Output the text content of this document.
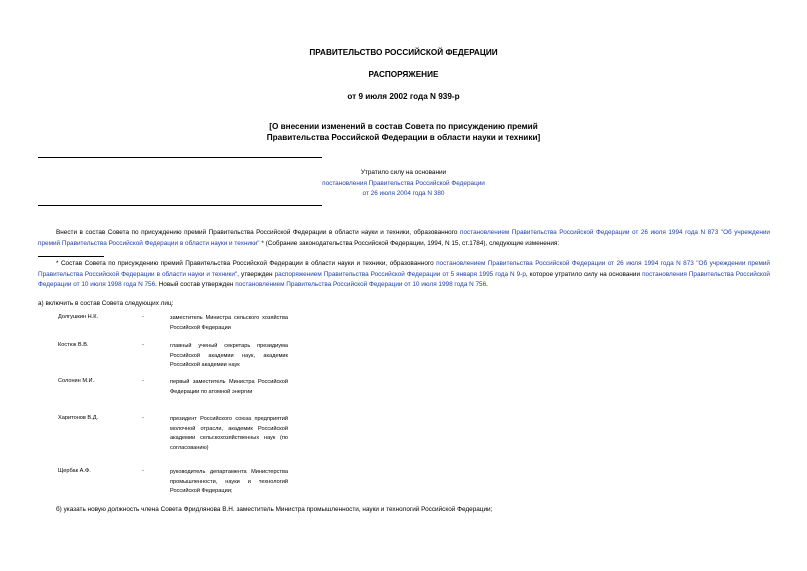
ПРАВИТЕЛЬСТВО РОССИЙСКОЙ ФЕДЕРАЦИИ
РАСПОРЯЖЕНИЕ
от 9 июля 2002 года N 939-р
[О внесении изменений в состав Совета по присуждению премий
Правительства Российской Федерации в области науки и техники]
Утратило силу на основании
постановления Правительства Российской Федерации
от 26 июля 2004 года N 380
Внести в состав Совета по присуждению премий Правительства Российской Федерации в области науки и техники, образованного постановлением Правительства Российской Федерации от 26 июля 1994 года N 873 "Об учреждении премий Правительства Российской Федерации в области науки и техники" * (Собрание законодательства Российской Федерации, 1994, N 15, ст.1784), следующие изменения:
* Состав Совета по присуждению премий Правительства Российской Федерации в области науки и техники, образованного постановлением Правительства Российской Федерации от 26 июля 1994 года N 873 "Об учреждении премий Правительства Российской Федерации в области науки и техники", утвержден распоряжением Правительства Российской Федерации от 5 января 1995 года N 9-р, которое утратило силу на основании постановления Правительства Российской Федерации от 10 июля 1998 года N 756. Новый состав утвержден постановлением Правительства Российской Федерации от 10 июля 1998 года N 756.
а) включить в состав Совета следующих лиц:
Долгушкин Н.К.	-	заместитель Министра сельского хозяйства Российской Федерации
Костюк В.В.	-	главный ученый секретарь президиума Российской академии наук, академик Российской академии наук
Солонин М.И.	-	первый заместитель Министра Российской Федерации по атомной энергии
Харитонов В.Д.	-	президент Российского союза предприятий молочной отрасли, академик Российской академии сельскохозяйственных наук (по согласованию)
Щербак А.Ф.	-	руководитель департамента Министерства промышленности, науки и технологий Российской Федерации;
б) указать новую должность члена Совета Фридлянова В.Н. заместитель Министра промышленности, науки и технологий Российской Федерации;
